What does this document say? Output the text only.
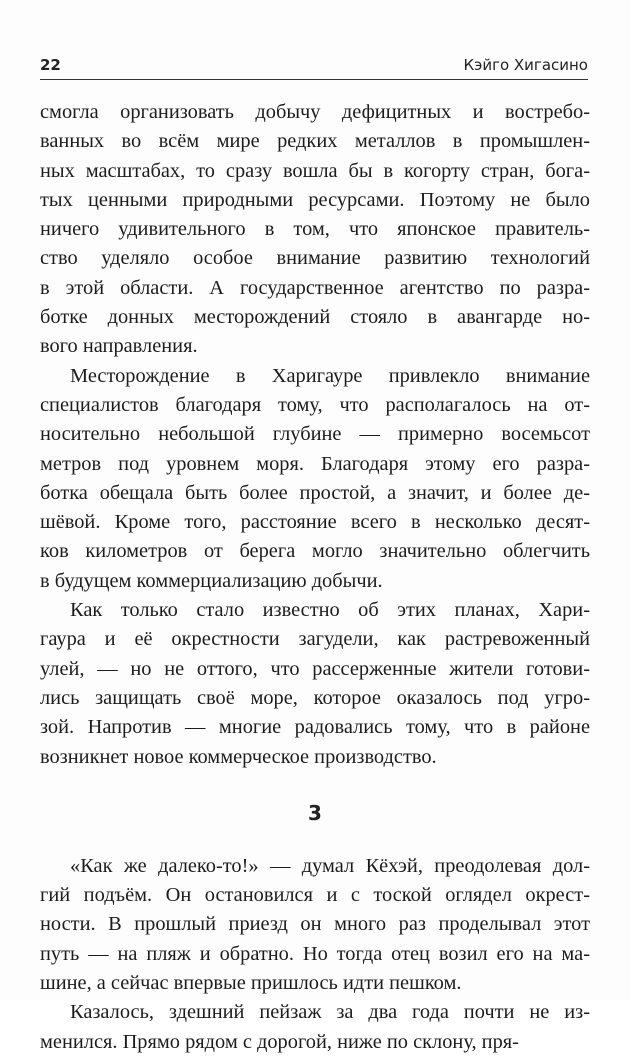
22	Кэйго Хигасино
смогла организовать добычу дефицитных и востребо-
ванных во всём мире редких металлов в промышлен-
ных масштабах, то сразу вошла бы в когорту стран, бога-
тых ценными природными ресурсами. Поэтому не было
ничего удивительного в том, что японское правитель-
ство уделяло особое внимание развитию технологий
в этой области. А государственное агентство по разра-
ботке донных месторождений стояло в авангарде но-
вого направления.
Месторождение в Харигауре привлекло внимание
специалистов благодаря тому, что располагалось на от-
носительно небольшой глубине — примерно восемьсот
метров под уровнем моря. Благодаря этому его разра-
ботка обещала быть более простой, а значит, и более де-
шёвой. Кроме того, расстояние всего в несколько десят-
ков километров от берега могло значительно облегчить
в будущем коммерциализацию добычи.
Как только стало известно об этих планах, Хари-
гаура и её окрестности загудели, как растревоженный
улей, — но не оттого, что рассерженные жители готови-
лись защищать своё море, которое оказалось под угро-
зой. Напротив — многие радовались тому, что в районе
возникнет новое коммерческое производство.
3
«Как же далеко-то!» — думал Кёхэй, преодолевая дол-
гий подъём. Он остановился и с тоской оглядел окрест-
ности. В прошлый приезд он много раз проделывал этот
путь — на пляж и обратно. Но тогда отец возил его на ма-
шине, а сейчас впервые пришлось идти пешком.
Казалось, здешний пейзаж за два года почти не из-
менился. Прямо рядом с дорогой, ниже по склону, пря-
